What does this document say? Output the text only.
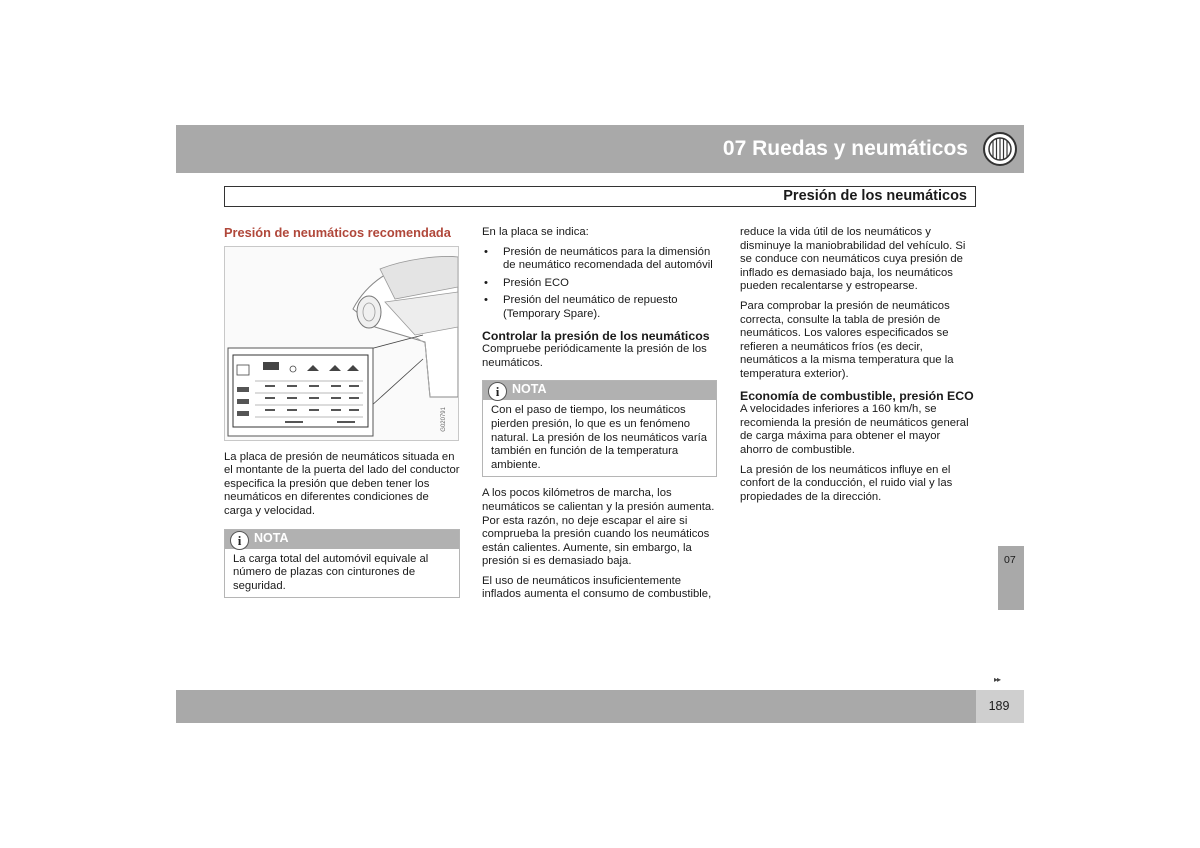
07 Ruedas y neumáticos
Presión de los neumáticos
Presión de neumáticos recomendada
G020791

La placa de presión de neumáticos situada en el montante de la puerta del lado del conductor especifica la presión que deben tener los neumáticos en diferentes condiciones de carga y velocidad.

i	NOTA
La carga total del automóvil equivale al número de plazas con cinturones de seguridad.

En la placa se indica:

• Presión de neumáticos para la dimensión de neumático recomendada del automóvil
• Presión ECO
• Presión del neumático de repuesto (Temporary Spare).
Controlar la presión de los neumáticos

Compruebe periódicamente la presión de los neumáticos.

i	NOTA
Con el paso de tiempo, los neumáticos pierden presión, lo que es un fenómeno natural. La presión de los neumáticos varía también en función de la temperatura ambiente.

A los pocos kilómetros de marcha, los neumáticos se calientan y la presión aumenta. Por esta razón, no deje escapar el aire si comprueba la presión cuando los neumáticos están calientes. Aumente, sin embargo, la presión si es demasiado baja.

El uso de neumáticos insuficientemente inflados aumenta el consumo de combustible,

reduce la vida útil de los neumáticos y disminuye la maniobrabilidad del vehículo. Si se conduce con neumáticos cuya presión de inflado es demasiado baja, los neumáticos pueden recalentarse y estropearse.

Para comprobar la presión de neumáticos correcta, consulte la tabla de presión de neumáticos. Los valores especificados se refieren a neumáticos fríos (es decir, neumáticos a la misma temperatura que la temperatura exterior).

Economía de combustible, presión ECO

A velocidades inferiores a 160 km/h, se recomienda la presión de neumáticos general de carga máxima para obtener el mayor ahorro de combustible.

La presión de los neumáticos influye en el confort de la conducción, el ruido vial y las propiedades de la dirección.

07
▸▸
189
